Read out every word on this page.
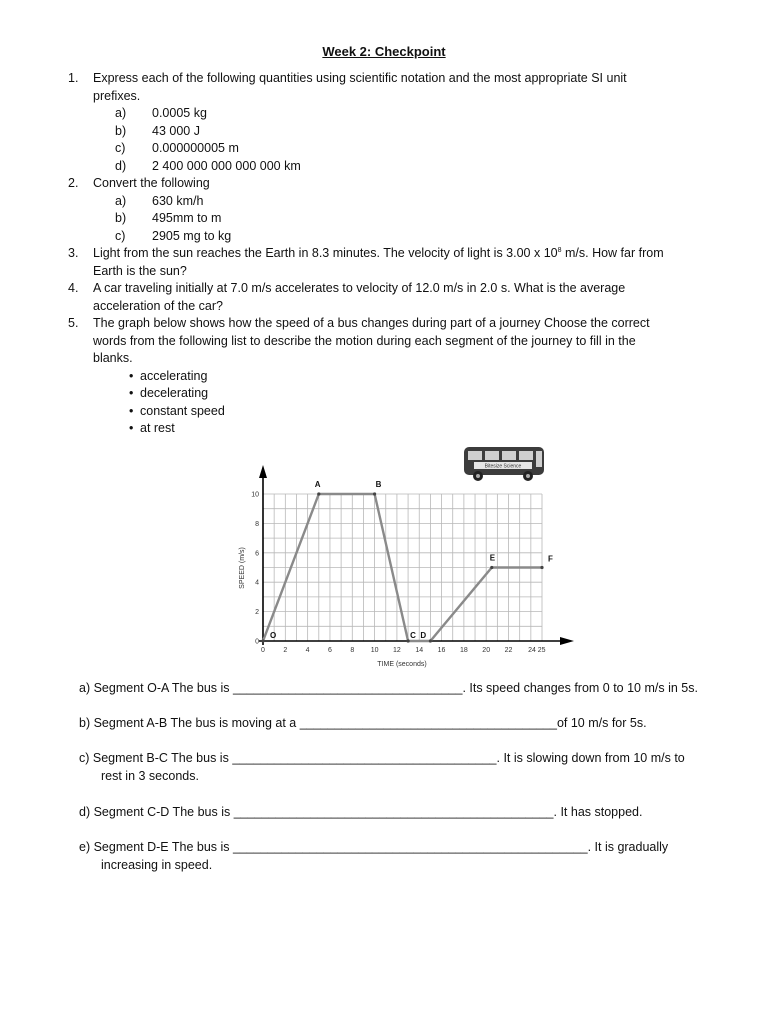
Week 2: Checkpoint
1.	Express each of the following quantities using scientific notation and the most appropriate SI unit
prefixes.
a) 0.0005 kg
b) 43 000 J
c) 0.000000005 m
d) 2 400 000 000 000 000 km
2.	Convert the following
a) 630 km/h
b) 495mm to m
c) 2905 mg to kg
3.	Light from the sun reaches the Earth in 8.3 minutes. The velocity of light is 3.00 x $10^8$ m/s. How far from
Earth is the sun?
4.	A car traveling initially at 7.0 m/s accelerates to velocity of 12.0 m/s in 2.0 s. What is the average
acceleration of the car?
5.	The graph below shows how the speed of a bus changes during part of a journey Choose the correct
words from the following list to describe the motion during each segment of the journey to fill in the
blanks.
• accelerating
• decelerating
• constant speed
• at rest
Bitesize Science
0
2
4
6
8
10
0	2	4	6	8 10 12 14 16 18 20 22 24 25
TIME (seconds)
SPEED (m/s)
O
A	B
C D
E	F
a) Segment O-A The bus is _________________________________. Its speed changes from 0 to 10 m/s in 5s.
b) Segment A-B The bus is moving at a _____________________________________of 10 m/s for 5s.
c) Segment B-C The bus is ______________________________________. It is slowing down from 10 m/s to
rest in 3 seconds.
d) Segment C-D The bus is ______________________________________________. It has stopped.
e) Segment D-E The bus is ___________________________________________________. It is gradually
increasing in speed.
